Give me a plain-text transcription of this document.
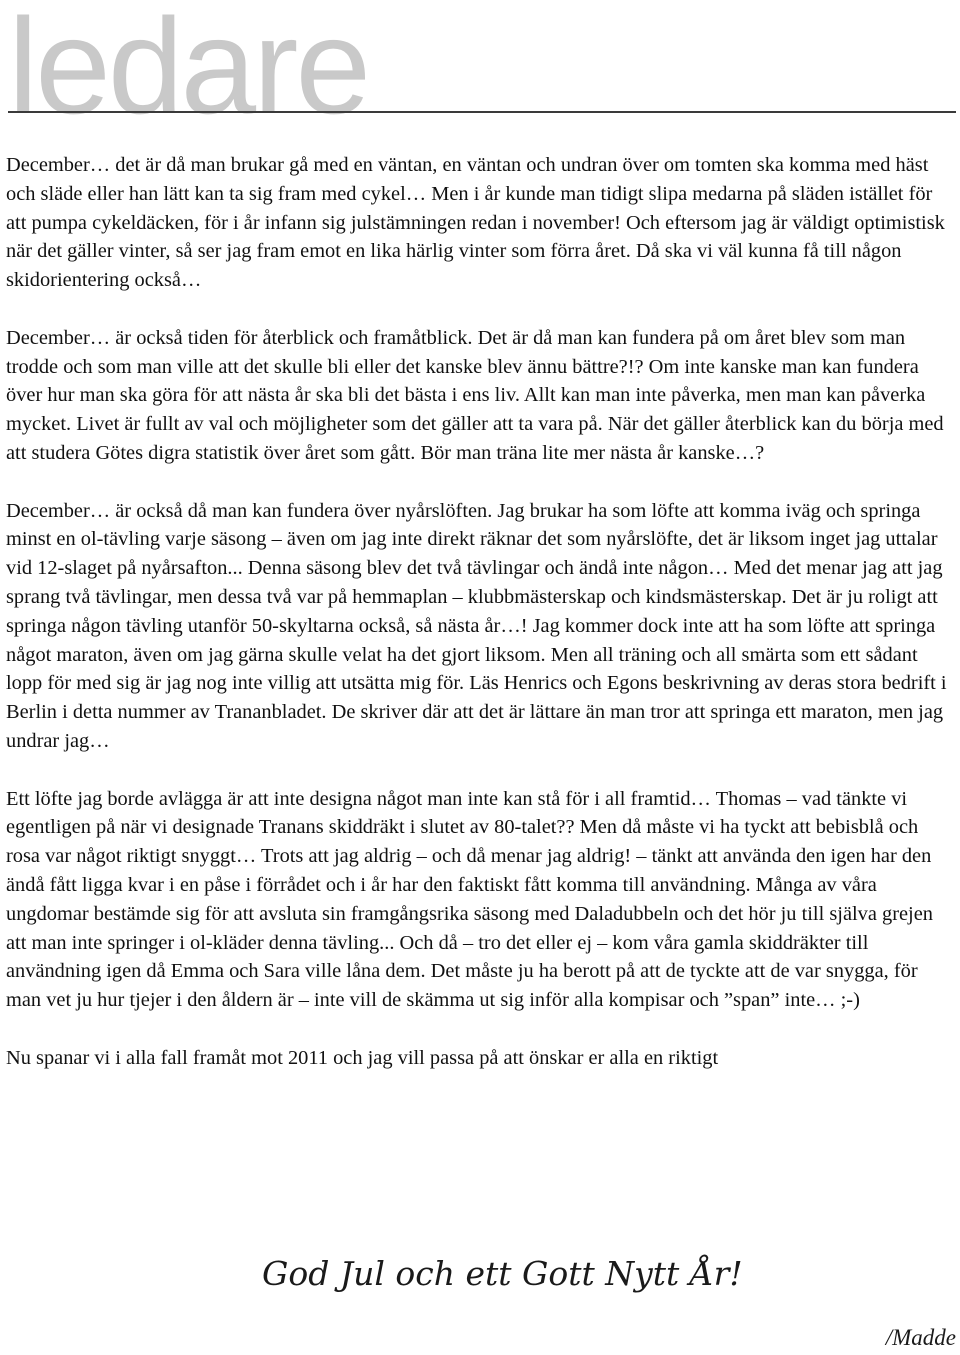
ledare

December… det är då man brukar gå med en väntan, en väntan och undran över om tomten ska komma med häst och släde eller han lätt kan ta sig fram med cykel… Men i år kunde man tidigt slipa medarna på släden istället för att pumpa cykeldäcken, för i år infann sig julstämningen redan i november! Och eftersom jag är väldigt optimistisk när det gäller vinter, så ser jag fram emot en lika härlig vinter som förra året. Då ska vi väl kunna få till någon skidorientering också…

December… är också tiden för återblick och framåtblick. Det är då man kan fundera på om året blev som man trodde och som man ville att det skulle bli eller det kanske blev ännu bättre?!? Om inte kanske man kan fundera över hur man ska göra för att nästa år ska bli det bästa i ens liv. Allt kan man inte påverka, men man kan påverka mycket. Livet är fullt av val och möjligheter som det gäller att ta vara på. När det gäller återblick kan du börja med att studera Götes digra statistik över året som gått. Bör man träna lite mer nästa år kanske…?

December… är också då man kan fundera över nyårslöften. Jag brukar ha som löfte att komma iväg och springa minst en ol-tävling varje säsong – även om jag inte direkt räknar det som nyårslöfte, det är liksom inget jag uttalar vid 12-slaget på nyårsafton... Denna säsong blev det två tävlingar och ändå inte någon… Med det menar jag att jag sprang två tävlingar, men dessa två var på hemmaplan – klubbmästerskap och kindsmästerskap. Det är ju roligt att springa någon tävling utanför 50-skyltarna också, så nästa år…! Jag kommer dock inte att ha som löfte att springa något maraton, även om jag gärna skulle velat ha det gjort liksom. Men all träning och all smärta som ett sådant lopp för med sig är jag nog inte villig att utsätta mig för. Läs Henrics och Egons beskrivning av deras stora bedrift i Berlin i detta nummer av Trananbladet. De skriver där att det är lättare än man tror att springa ett maraton, men jag undrar jag…

Ett löfte jag borde avlägga är att inte designa något man inte kan stå för i all framtid… Thomas – vad tänkte vi egentligen på när vi designade Tranans skiddräkt i slutet av 80-talet?? Men då måste vi ha tyckt att bebisblå och rosa var något riktigt snyggt… Trots att jag aldrig – och då menar jag aldrig! – tänkt att använda den igen har den ändå fått ligga kvar i en påse i förrådet och i år har den faktiskt fått komma till användning. Många av våra ungdomar bestämde sig för att avsluta sin framgångsrika säsong med Daladubbeln och det hör ju till själva grejen att man inte springer i ol-kläder denna tävling... Och då – tro det eller ej – kom våra gamla skiddräkter till användning igen då Emma och Sara ville låna dem. Det måste ju ha berott på att de tyckte att de var snygga, för man vet ju hur tjejer i den åldern är – inte vill de skämma ut sig inför alla kompisar och ”span” inte… ;-)

Nu spanar vi i alla fall framåt mot 2011 och jag vill passa på att önskar er alla en riktigt

God Jul och ett Gott Nytt År!
/Madde
